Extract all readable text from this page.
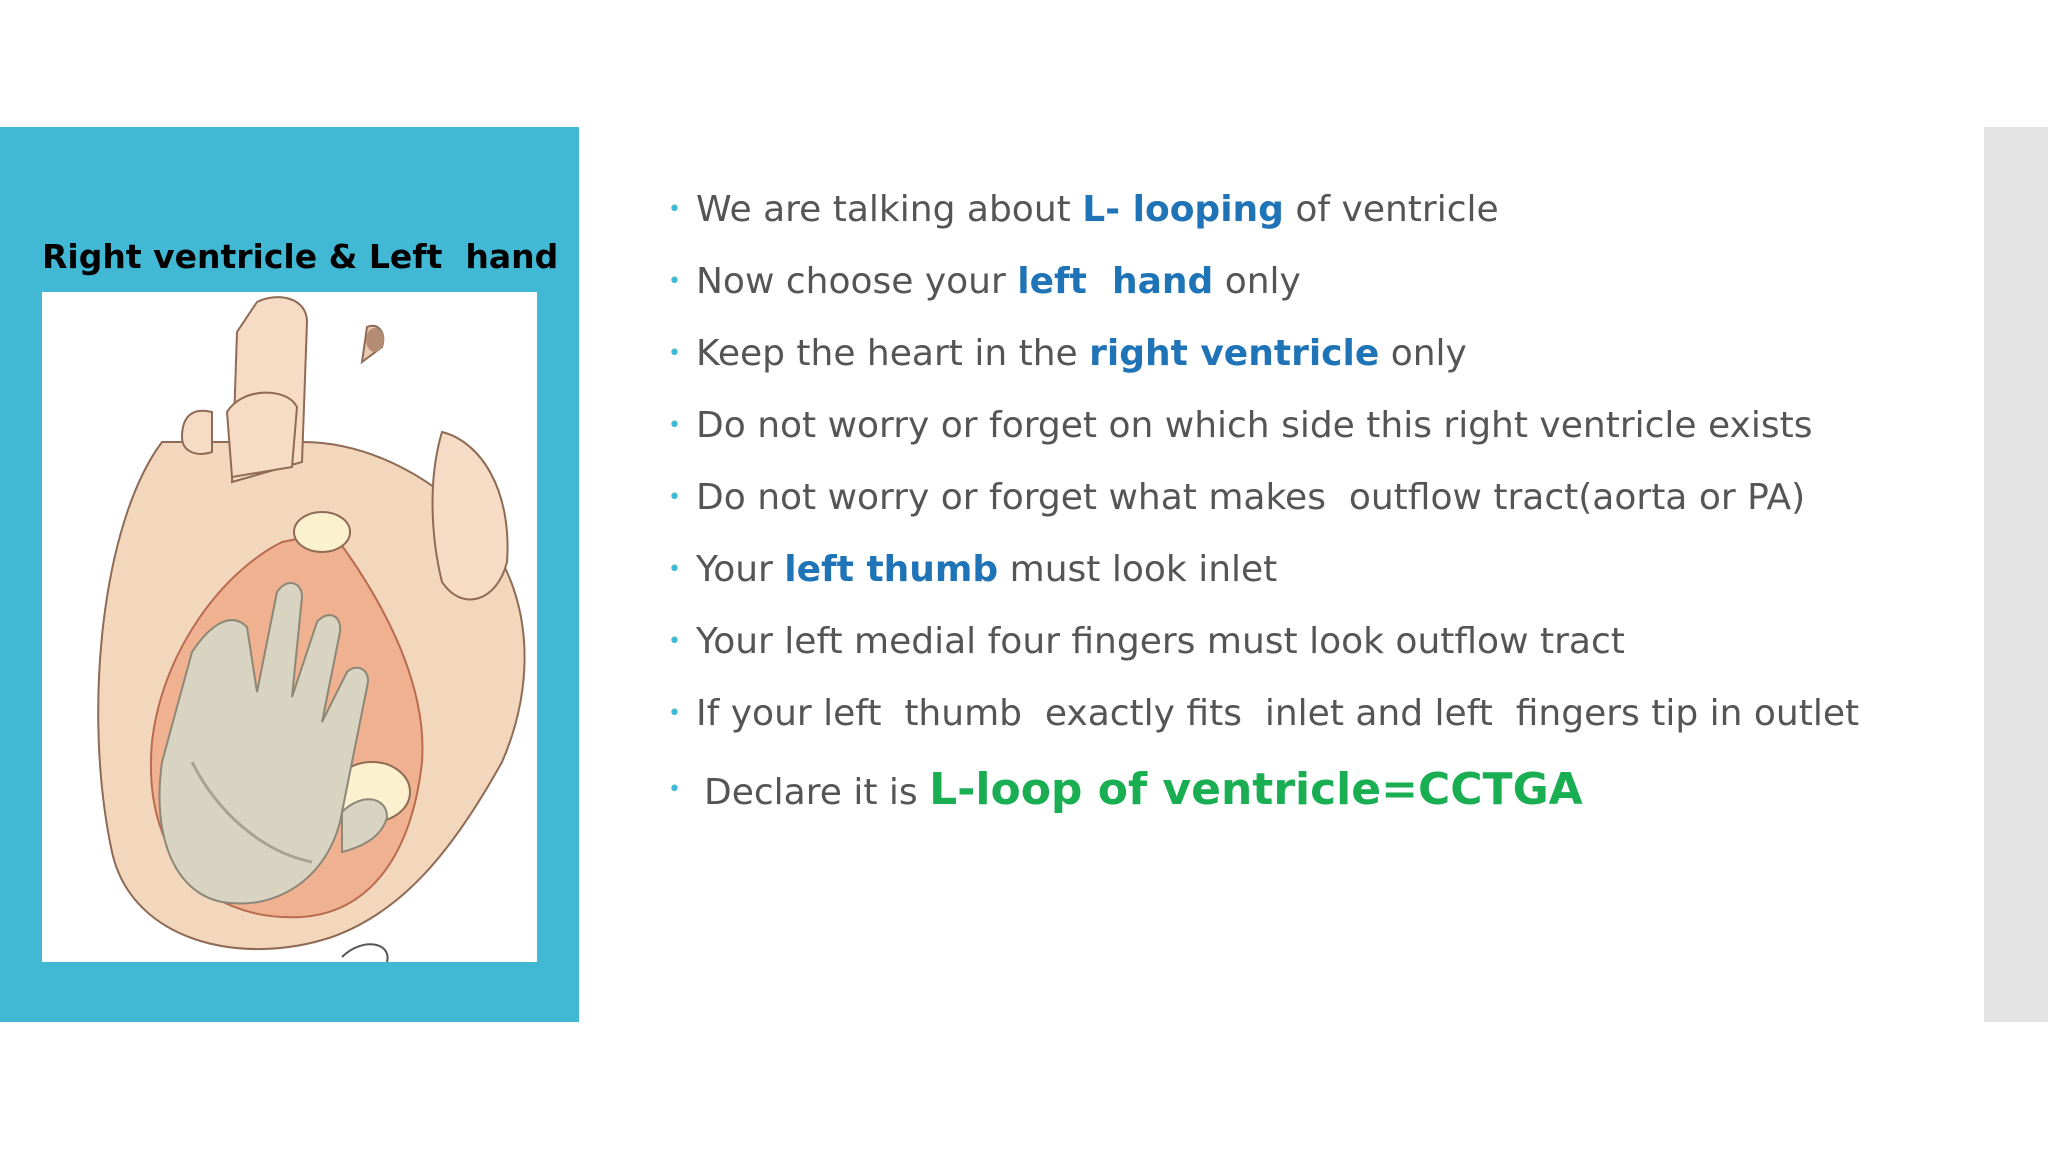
Right ventricle & Left  hand
• We are talking about L- looping of ventricle
• Now choose your left  hand only
• Keep the heart in the right ventricle only
• Do not worry or forget on which side this right ventricle exists
• Do not worry or forget what makes  outflow tract(aorta or PA)
• Your left thumb must look inlet
• Your left medial four fingers must look outflow tract
• If your left  thumb  exactly fits  inlet and left  fingers tip in outlet
• Declare it is L-loop of ventricle=CCTGA
